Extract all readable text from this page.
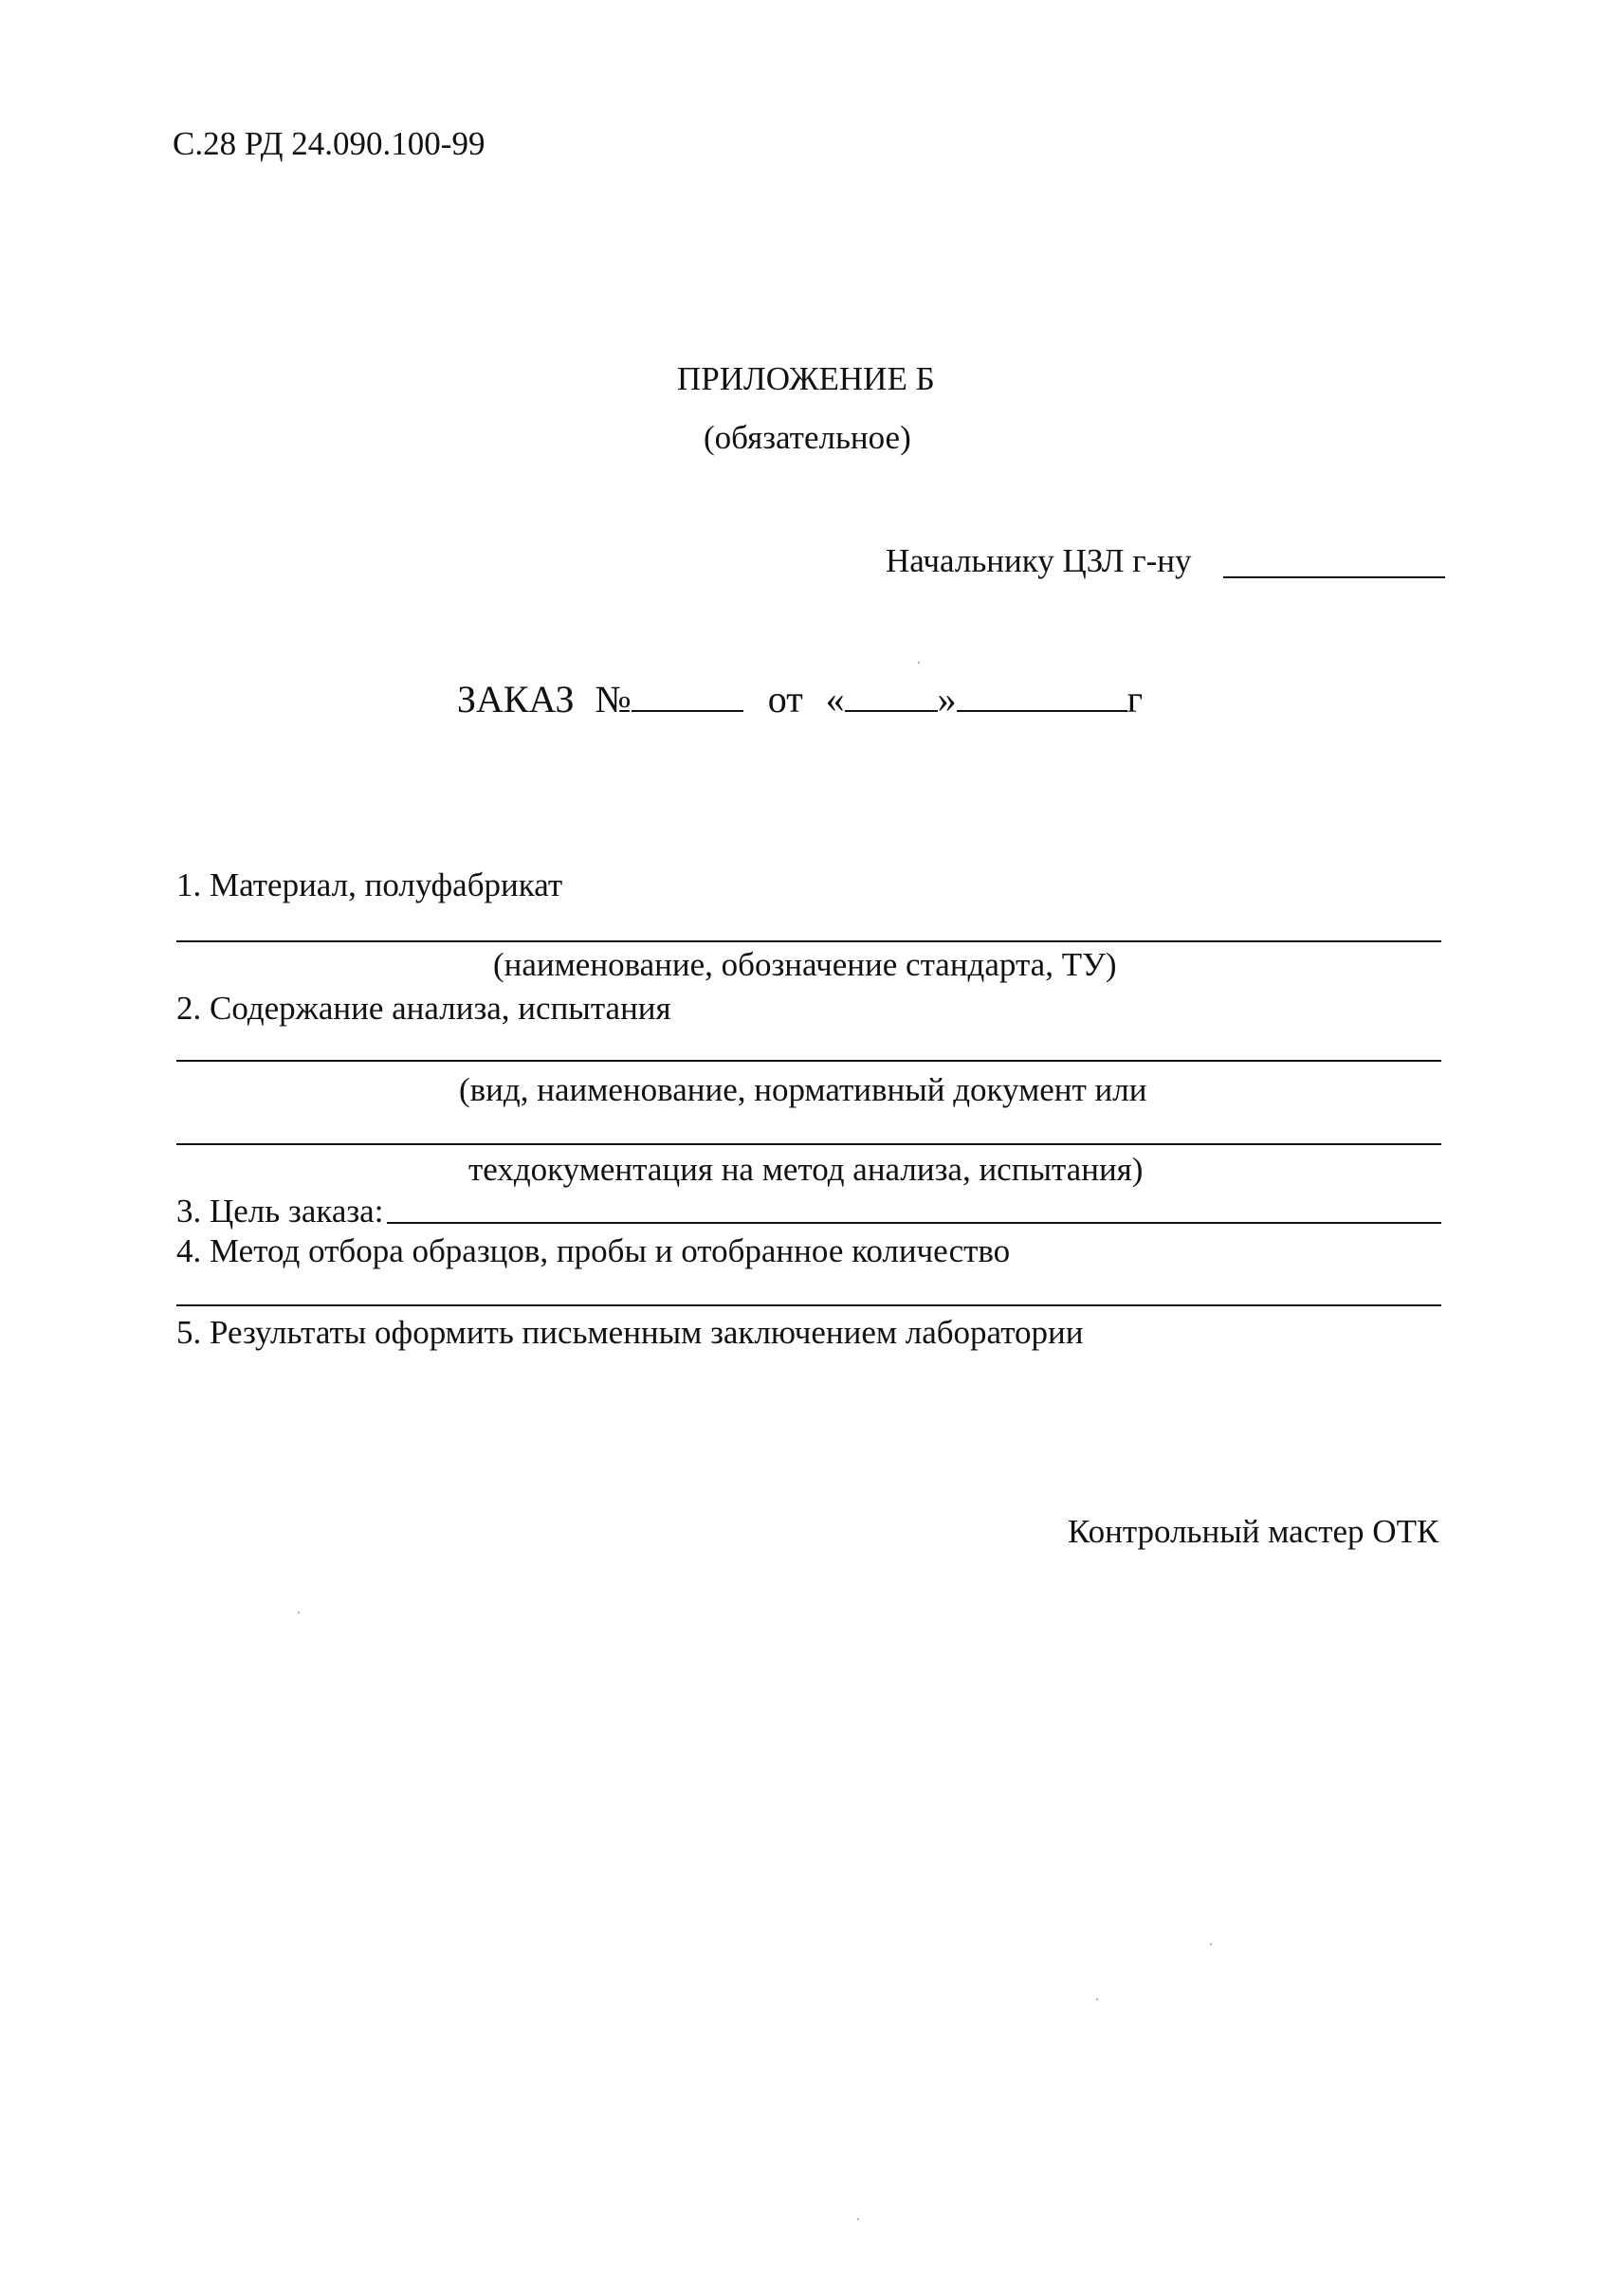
С.28 РД 24.090.100-99
ПРИЛОЖЕНИЕ Б
(обязательное)
Начальнику ЦЗЛ г-ну
ЗАКАЗ №	от « »	г
1. Материал, полуфабрикат
(наименование, обозначение стандарта, ТУ)
2. Содержание анализа, испытания
(вид, наименование, нормативный документ или
техдокументация на метод анализа, испытания)
3. Цель заказа:
4. Метод отбора образцов, пробы и отобранное количество
5. Результаты оформить письменным заключением лаборатории
Контрольный мастер ОТК
